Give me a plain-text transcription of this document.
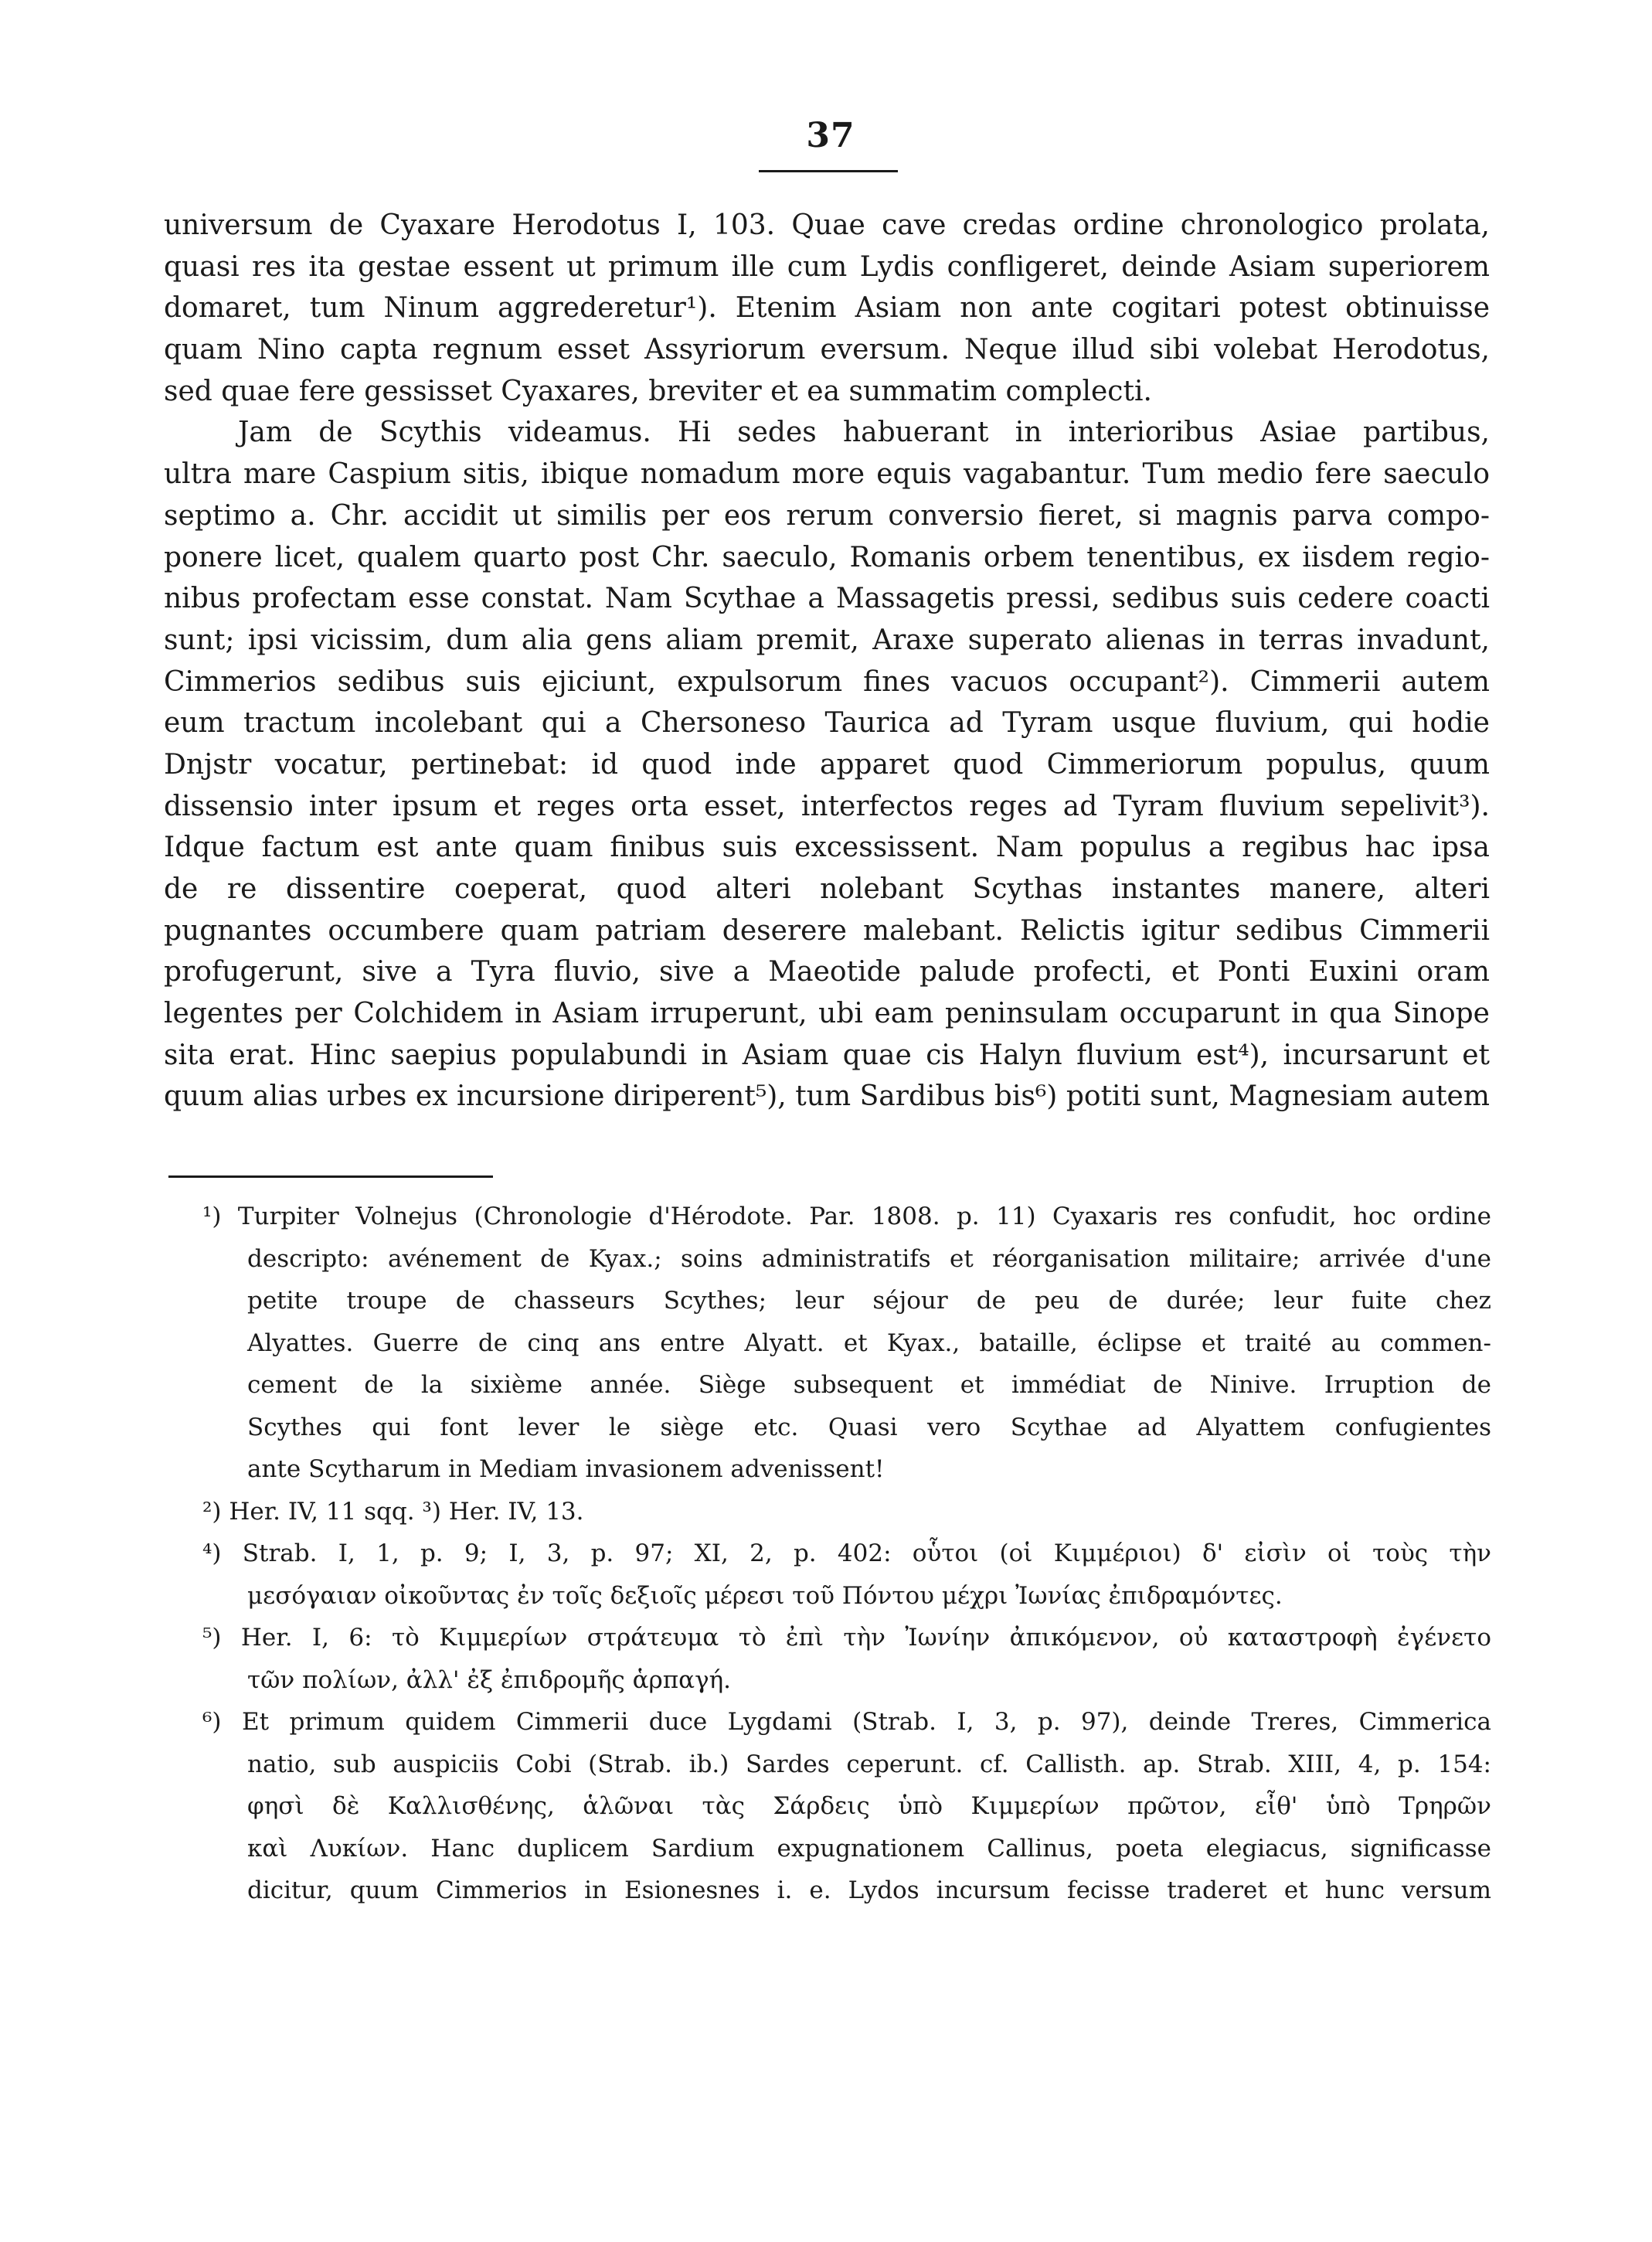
37
universum de Cyaxare Herodotus I, 103. Quae cave credas ordine chronologico prolata,
quasi res ita gestae essent ut primum ille cum Lydis confligeret, deinde Asiam superiorem
domaret, tum Ninum aggrederetur¹). Etenim Asiam non ante cogitari potest obtinuisse
quam Nino capta regnum esset Assyriorum eversum. Neque illud sibi volebat Herodotus,
sed quae fere gessisset Cyaxares, breviter et ea summatim complecti.
Jam de Scythis videamus. Hi sedes habuerant in interioribus Asiae partibus,
ultra mare Caspium sitis, ibique nomadum more equis vagabantur. Tum medio fere saeculo
septimo a. Chr. accidit ut similis per eos rerum conversio fieret, si magnis parva compo-
ponere licet, qualem quarto post Chr. saeculo, Romanis orbem tenentibus, ex iisdem regio-
nibus profectam esse constat. Nam Scythae a Massagetis pressi, sedibus suis cedere coacti
sunt; ipsi vicissim, dum alia gens aliam premit, Araxe superato alienas in terras invadunt,
Cimmerios sedibus suis ejiciunt, expulsorum fines vacuos occupant²). Cimmerii autem
eum tractum incolebant qui a Chersoneso Taurica ad Tyram usque fluvium, qui hodie
Dnjstr vocatur, pertinebat: id quod inde apparet quod Cimmeriorum populus, quum
dissensio inter ipsum et reges orta esset, interfectos reges ad Tyram fluvium sepelivit³).
Idque factum est ante quam finibus suis excessissent. Nam populus a regibus hac ipsa
de re dissentire coeperat, quod alteri nolebant Scythas instantes manere, alteri
pugnantes occumbere quam patriam deserere malebant. Relictis igitur sedibus Cimmerii
profugerunt, sive a Tyra fluvio, sive a Maeotide palude profecti, et Ponti Euxini oram
legentes per Colchidem in Asiam irruperunt, ubi eam peninsulam occuparunt in qua Sinope
sita erat. Hinc saepius populabundi in Asiam quae cis Halyn fluvium est⁴), incursarunt et
quum alias urbes ex incursione diriperent⁵), tum Sardibus bis⁶) potiti sunt, Magnesiam autem
¹) Turpiter Volnejus (Chronologie d'Hérodote. Par. 1808. p. 11) Cyaxaris res confudit, hoc ordine
descripto: avénement de Kyax.; soins administratifs et réorganisation militaire; arrivée d'une
petite troupe de chasseurs Scythes; leur séjour de peu de durée; leur fuite chez
Alyattes. Guerre de cinq ans entre Alyatt. et Kyax., bataille, éclipse et traité au commen-
cement de la sixième année. Siège subsequent et immédiat de Ninive. Irruption de
Scythes qui font lever le siège etc. Quasi vero Scythae ad Alyattem confugientes
ante Scytharum in Mediam invasionem advenissent!
²) Her. IV, 11 sqq. ³) Her. IV, 13.
⁴) Strab. I, 1, p. 9; I, 3, p. 97; XI, 2, p. 402: οὗτοι (οἱ Κιμμέριοι) δ' εἰσὶν οἱ τοὺς τὴν
μεσόγαιαν οἰκοῦντας ἐν τοῖς δεξιοῖς μέρεσι τοῦ Πόντου μέχρι Ἰωνίας ἐπιδραμόντες.
⁵) Her. I, 6: τὸ Κιμμερίων στράτευμα τὸ ἐπὶ τὴν Ἰωνίην ἀπικόμενον, οὐ καταστροφὴ ἐγένετο
τῶν πολίων, ἀλλ' ἐξ ἐπιδρομῆς ἁρπαγή.
⁶) Et primum quidem Cimmerii duce Lygdami (Strab. I, 3, p. 97), deinde Treres, Cimmerica
natio, sub auspiciis Cobi (Strab. ib.) Sardes ceperunt. cf. Callisth. ap. Strab. XIII, 4, p. 154:
φησὶ δὲ Καλλισθένης, ἁλῶναι τὰς Σάρδεις ὑπὸ Κιμμερίων πρῶτον, εἶθ' ὑπὸ Τρηρῶν
καὶ Λυκίων. Hanc duplicem Sardium expugnationem Callinus, poeta elegiacus, significasse
dicitur, quum Cimmerios in Esionesnes i. e. Lydos incursum fecisse traderet et hunc versum
